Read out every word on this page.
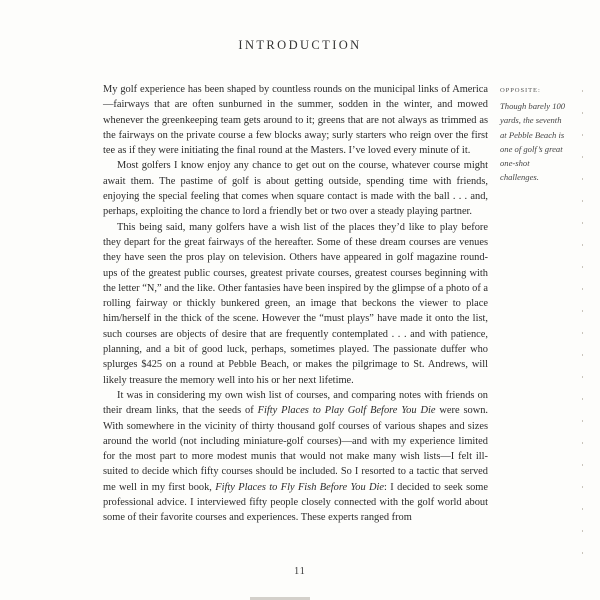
INTRODUCTION

My golf experience has been shaped by countless rounds on the municipal links of America—fairways that are often sunburned in the summer, sodden in the winter, and mowed whenever the greenkeeping team gets around to it; greens that are not always as trimmed as the fairways on the private course a few blocks away; surly starters who reign over the first tee as if they were initiating the final round at the Masters. I’ve loved every minute of it.

Most golfers I know enjoy any chance to get out on the course, whatever course might await them. The pastime of golf is about getting outside, spending time with friends, enjoying the special feeling that comes when square contact is made with the ball . . . and, perhaps, exploiting the chance to lord a friendly bet or two over a steady playing partner.

This being said, many golfers have a wish list of the places they’d like to play before they depart for the great fairways of the hereafter. Some of these dream courses are venues they have seen the pros play on television. Others have appeared in golf magazine round-ups of the greatest public courses, greatest private courses, greatest courses beginning with the letter “N,” and the like. Other fantasies have been inspired by the glimpse of a photo of a rolling fairway or thickly bunkered green, an image that beckons the viewer to place him/herself in the thick of the scene. However the “must plays” have made it onto the list, such courses are objects of desire that are frequently contemplated . . . and with patience, planning, and a bit of good luck, perhaps, sometimes played. The passionate duffer who splurges $425 on a round at Pebble Beach, or makes the pilgrimage to St. Andrews, will likely treasure the memory well into his or her next lifetime.

It was in considering my own wish list of courses, and comparing notes with friends on their dream links, that the seeds of Fifty Places to Play Golf Before You Die were sown. With somewhere in the vicinity of thirty thousand golf courses of various shapes and sizes around the world (not including miniature-golf courses)—and with my experience limited for the most part to more modest munis that would not make many wish lists—I felt ill-suited to decide which fifty courses should be included. So I resorted to a tactic that served me well in my first book, Fifty Places to Fly Fish Before You Die: I decided to seek some professional advice. I interviewed fifty people closely connected with the golf world about some of their favorite courses and experiences. These experts ranged from

OPPOSITE:
Though barely 100 yards, the seventh at Pebble Beach is one of golf’s great one-shot challenges.
11
